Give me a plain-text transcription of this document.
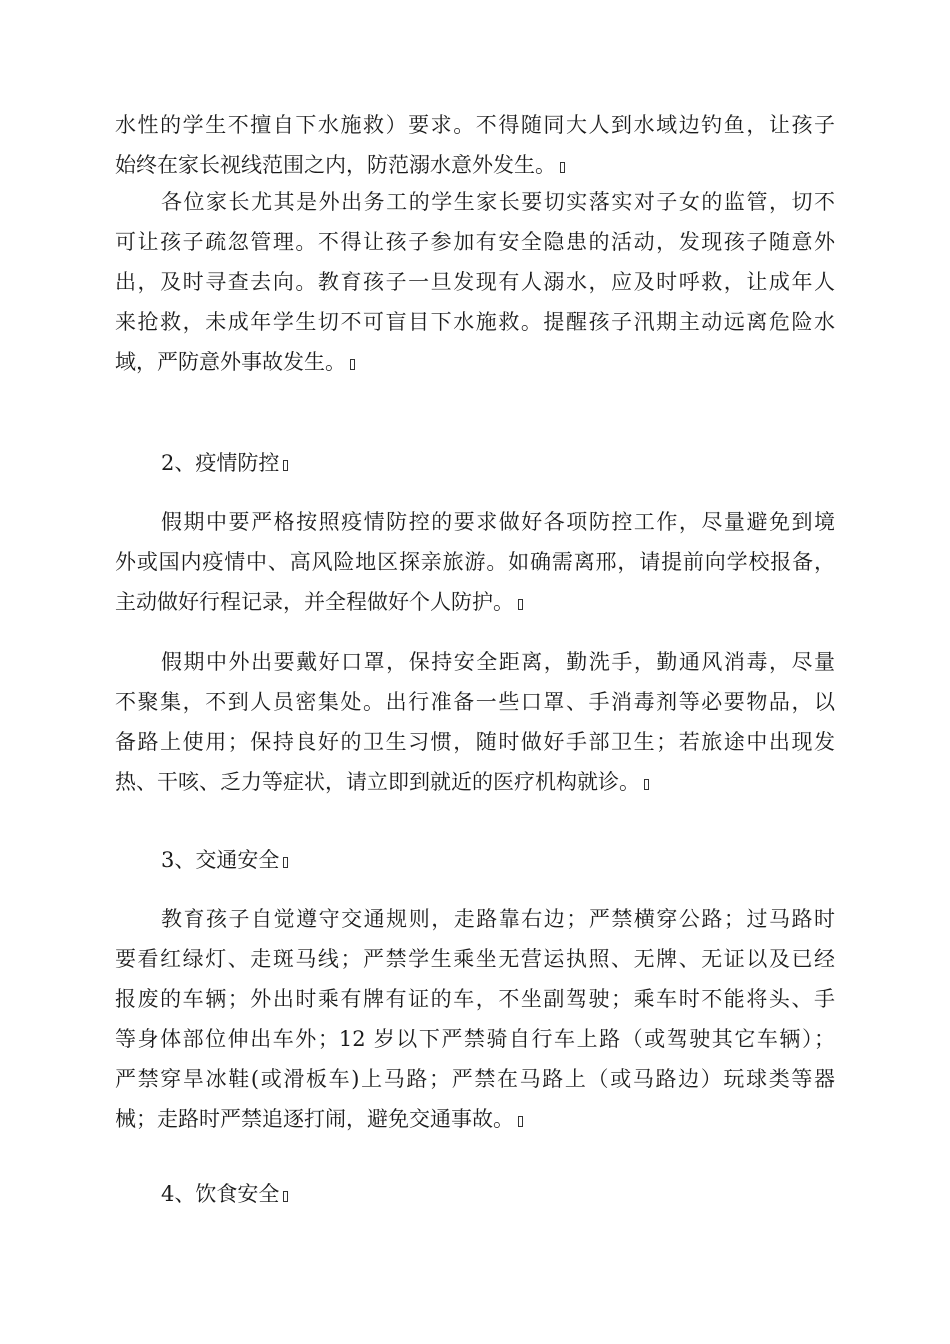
水性的学生不擅自下水施救）要求。不得随同大人到水域边钓鱼，让孩子
始终在家长视线范围之内，防范溺水意外发生。
各位家长尤其是外出务工的学生家长要切实落实对子女的监管，切不
可让孩子疏忽管理。不得让孩子参加有安全隐患的活动，发现孩子随意外
出，及时寻查去向。教育孩子一旦发现有人溺水，应及时呼救，让成年人
来抢救，未成年学生切不可盲目下水施救。提醒孩子汛期主动远离危险水
域，严防意外事故发生。
2、疫情防控
假期中要严格按照疫情防控的要求做好各项防控工作，尽量避免到境
外或国内疫情中、高风险地区探亲旅游。如确需离邢，请提前向学校报备，
主动做好行程记录，并全程做好个人防护。
假期中外出要戴好口罩，保持安全距离，勤洗手，勤通风消毒，尽量
不聚集，不到人员密集处。出行准备一些口罩、手消毒剂等必要物品，以
备路上使用；保持良好的卫生习惯，随时做好手部卫生；若旅途中出现发
热、干咳、乏力等症状，请立即到就近的医疗机构就诊。
3、交通安全
教育孩子自觉遵守交通规则，走路靠右边；严禁横穿公路；过马路时
要看红绿灯、走斑马线；严禁学生乘坐无营运执照、无牌、无证以及已经
报废的车辆；外出时乘有牌有证的车，不坐副驾驶；乘车时不能将头、手
等身体部位伸出车外；12 岁以下严禁骑自行车上路（或驾驶其它车辆）；
严禁穿旱冰鞋(或滑板车)上马路；严禁在马路上（或马路边）玩球类等器
械；走路时严禁追逐打闹，避免交通事故。
4、饮食安全
